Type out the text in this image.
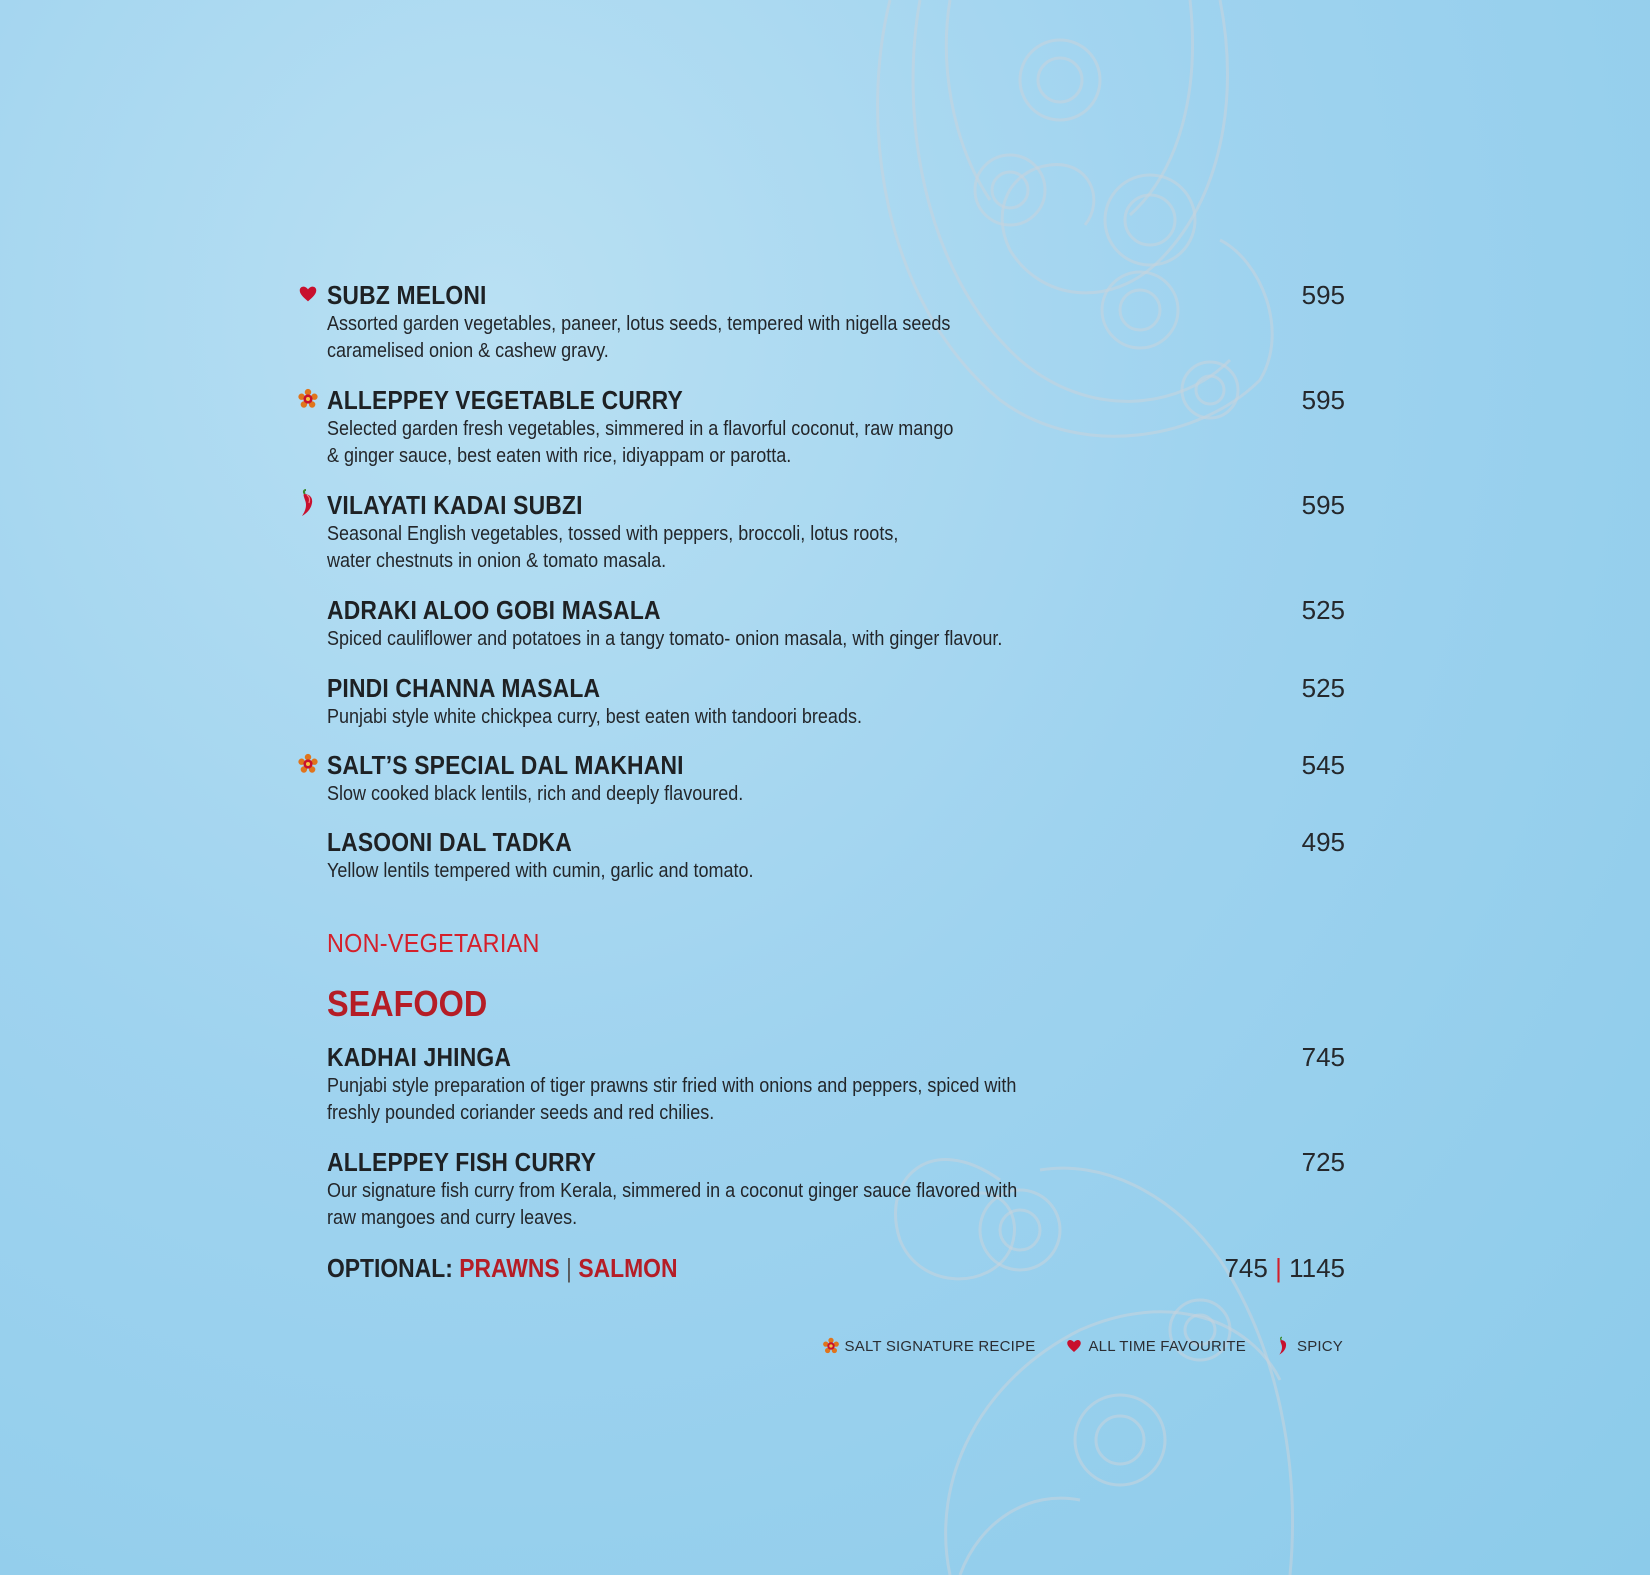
SUBZ MELONI
Assorted garden vegetables, paneer, lotus seeds, tempered with nigella seeds
caramelised onion & cashew gravy.
595
ALLEPPEY VEGETABLE CURRY
Selected garden fresh vegetables, simmered in a flavorful coconut, raw mango
& ginger sauce, best eaten with rice, idiyappam or parotta.
595
VILAYATI KADAI SUBZI
Seasonal English vegetables, tossed with peppers, broccoli, lotus roots,
water chestnuts in onion & tomato masala.
595
ADRAKI ALOO GOBI MASALA
Spiced cauliflower and potatoes in a tangy tomato- onion masala, with ginger flavour.
525
PINDI CHANNA MASALA
Punjabi style white chickpea curry, best eaten with tandoori breads.
525
SALT’S SPECIAL DAL MAKHANI
Slow cooked black lentils, rich and deeply flavoured.
545
LASOONI DAL TADKA
Yellow lentils tempered with cumin, garlic and tomato.
495
NON-VEGETARIAN
SEAFOOD
KADHAI JHINGA
Punjabi style preparation of tiger prawns stir fried with onions and peppers, spiced with
freshly pounded coriander seeds and red chilies.
745
ALLEPPEY FISH CURRY
Our signature fish curry from Kerala, simmered in a coconut ginger sauce flavored with
raw mangoes and curry leaves.
725
OPTIONAL: PRAWNS | SALMON	745 | 1145
SALT SIGNATURE RECIPE	ALL TIME FAVOURITE	SPICY
